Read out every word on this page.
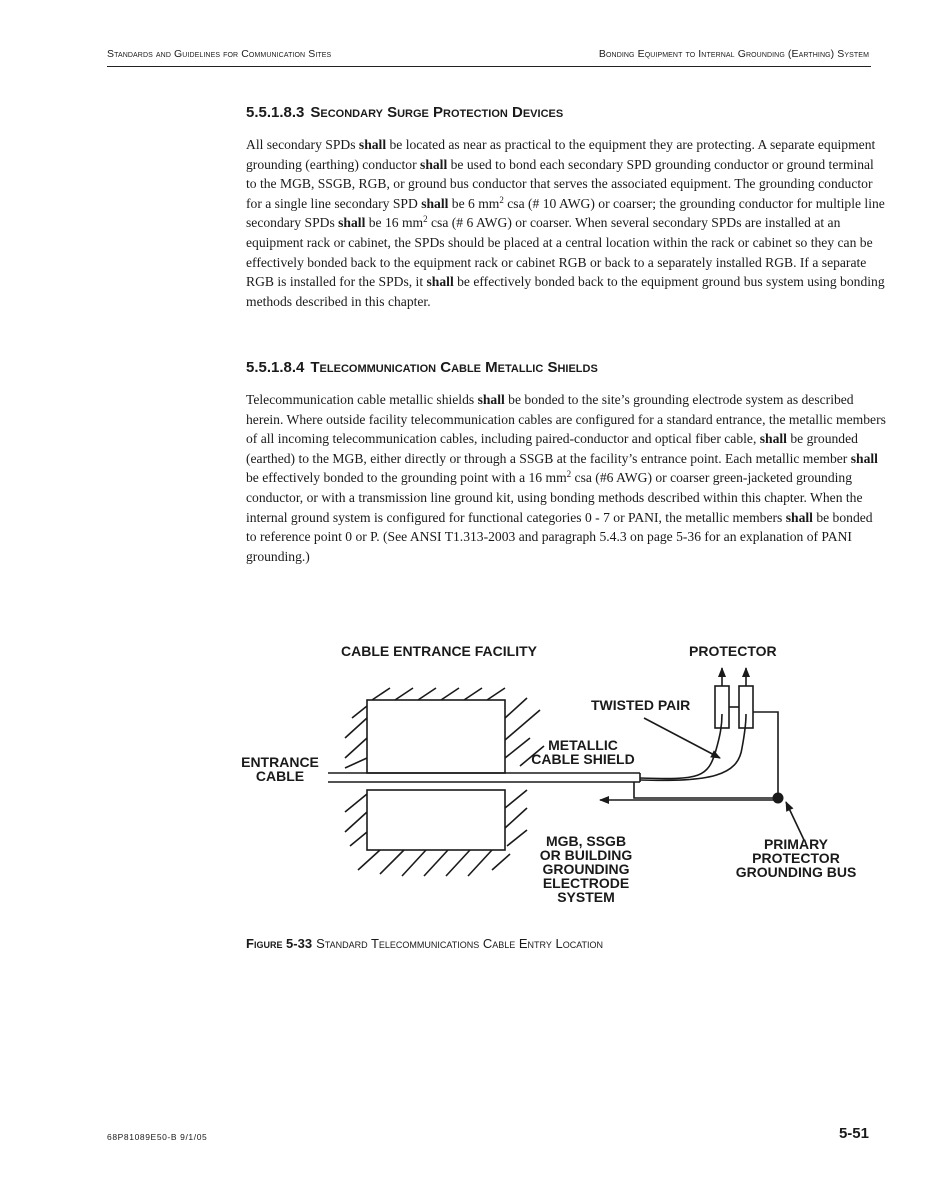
Standards and Guidelines for Communication Sites	Bonding Equipment to Internal Grounding (Earthing) System
5.5.1.8.3 Secondary Surge Protection Devices

All secondary SPDs shall be located as near as practical to the equipment they are protecting. A separate equipment grounding (earthing) conductor shall be used to bond each secondary SPD grounding conductor or ground terminal to the MGB, SSGB, RGB, or ground bus conductor that serves the associated equipment. The grounding conductor for a single line secondary SPD shall be 6 $mm^2$ csa (# 10 AWG) or coarser; the grounding conductor for multiple line secondary SPDs shall be 16 $mm^2$ csa (# 6 AWG) or coarser. When several secondary SPDs are installed at an equipment rack or cabinet, the SPDs should be placed at a central location within the rack or cabinet so they can be effectively bonded back to the equipment rack or cabinet RGB or back to a separately installed RGB. If a separate RGB is installed for the SPDs, it shall be effectively bonded back to the equipment ground bus system using bonding methods described in this chapter.

5.5.1.8.4 Telecommunication Cable Metallic Shields

Telecommunication cable metallic shields shall be bonded to the site’s grounding electrode system as described herein. Where outside facility telecommunication cables are configured for a standard entrance, the metallic members of all incoming telecommunication cables, including paired-conductor and optical fiber cable, shall be grounded (earthed) to the MGB, either directly or through a SSGB at the facility’s entrance point. Each metallic member shall be effectively bonded to the grounding point with a 16 $mm^2$ csa (#6 AWG) or coarser green-jacketed grounding conductor, or with a transmission line ground kit, using bonding methods described within this chapter. When the internal ground system is configured for functional categories 0 - 7 or PANI, the metallic members shall be bonded to reference point 0 or P. (See ANSI T1.313-2003 and paragraph 5.4.3 on page 5-36 for an explanation of PANI grounding.)

CABLE ENTRANCE FACILITY	PROTECTOR
TWISTED PAIR
METALLIC
CABLE SHIELD
ENTRANCE
CABLE
MGB, SSGB
OR BUILDING
GROUNDING
ELECTRODE
SYSTEM
PRIMARY
PROTECTOR
GROUNDING BUS
Figure 5-33 Standard Telecommunications Cable Entry Location
68P81089E50-B 9/1/05	5-51
